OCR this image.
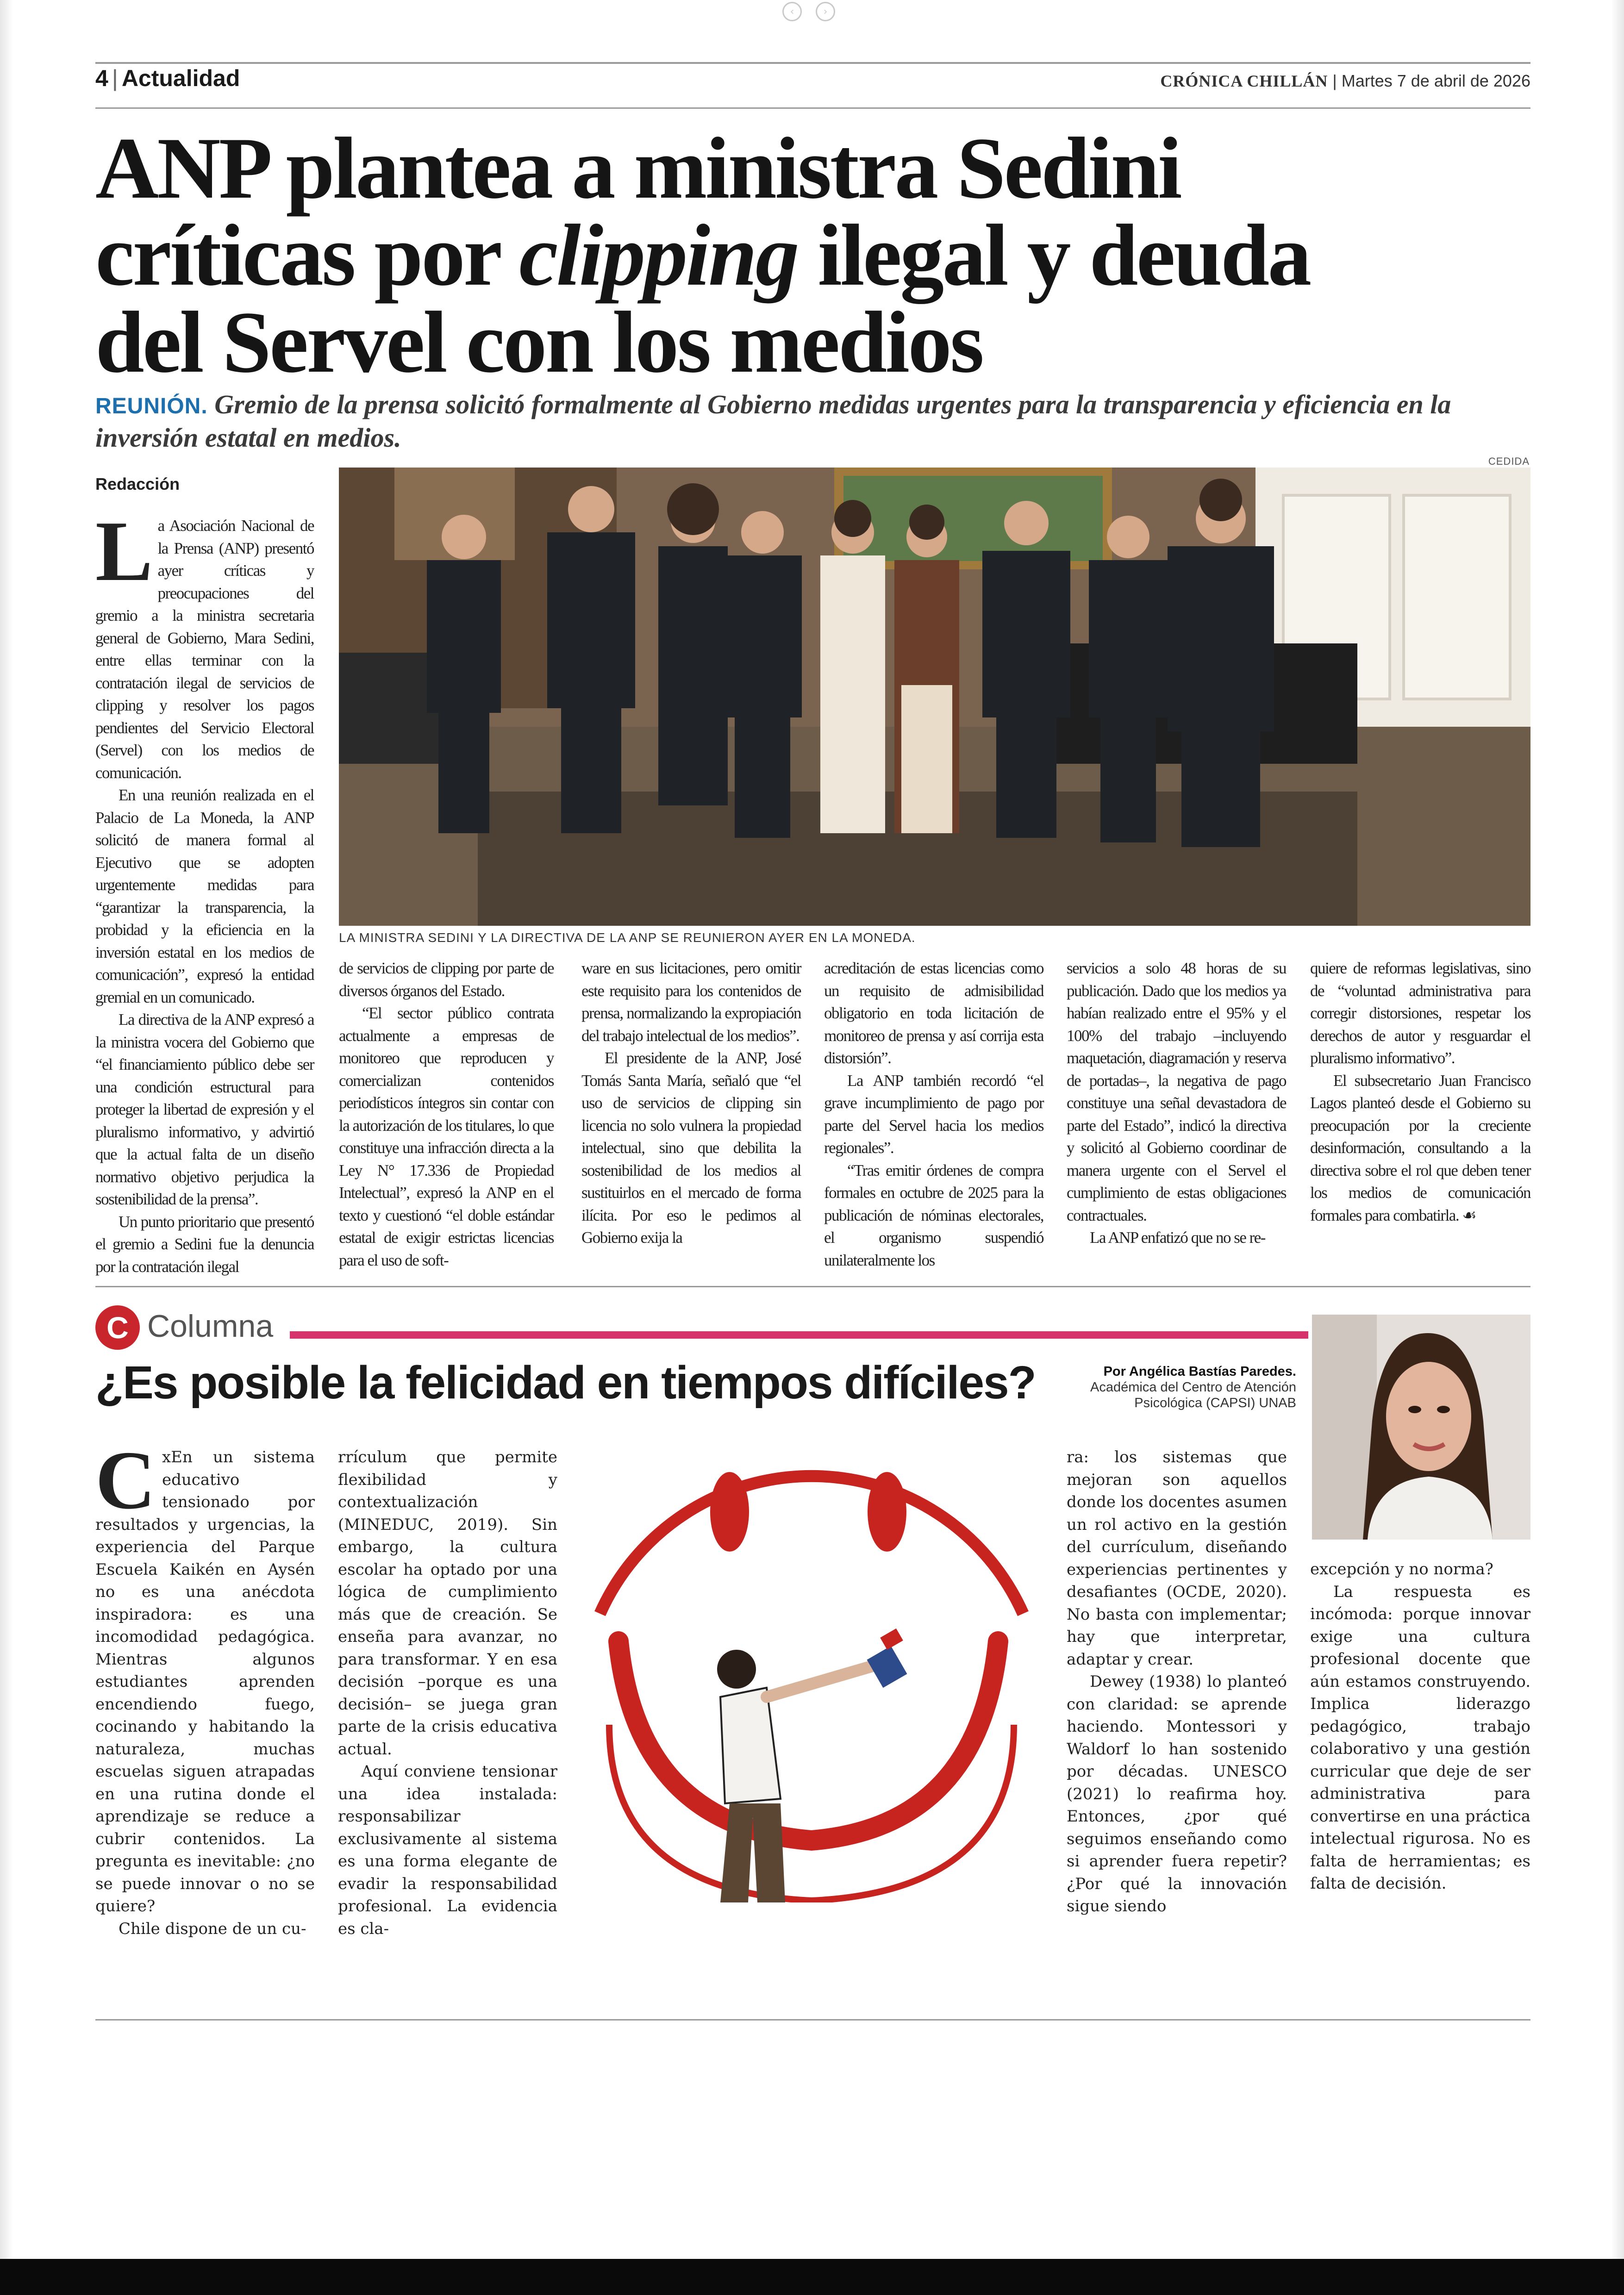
‹	›
4 | Actualidad	CRÓNICA CHILLÁN | Martes 7 de abril de 2026
ANP plantea a ministra Sedini
críticas por clipping ilegal y deuda
del Servel con los medios
REUNIÓN. Gremio de la prensa solicitó formalmente al Gobierno medidas urgentes para la transparencia y eficiencia en la inversión estatal en medios.
CEDIDA
Redacción

La Asociación Nacional de la Prensa (ANP) presentó ayer críticas y preocupaciones del gremio a la ministra secretaria general de Gobierno, Mara Sedini, entre ellas terminar con la contratación ilegal de servicios de clipping y resolver los pagos pendientes del Servicio Electoral (Servel) con los medios de comunicación.

En una reunión realizada en el Palacio de La Moneda, la ANP solicitó de manera formal al Ejecutivo que se adopten urgentemente medidas para “garantizar la transparencia, la probidad y la eficiencia en la inversión estatal en los medios de comunicación”, expresó la entidad gremial en un comunicado.

La directiva de la ANP expresó a la ministra vocera del Gobierno que “el financiamiento público debe ser una condición estructural para proteger la libertad de expresión y el pluralismo informativo, y advirtió que la actual falta de un diseño normativo objetivo perjudica la sostenibilidad de la prensa”.

Un punto prioritario que presentó el gremio a Sedini fue la denuncia por la contratación ilegal

LA MINISTRA SEDINI Y LA DIRECTIVA DE LA ANP SE REUNIERON AYER EN LA MONEDA.

de servicios de clipping por parte de diversos órganos del Estado.

“El sector público contrata actualmente a empresas de monitoreo que reproducen y comercializan contenidos periodísticos íntegros sin contar con la autorización de los titulares, lo que constituye una infracción directa a la Ley N° 17.336 de Propiedad Intelectual”, expresó la ANP en el texto y cuestionó “el doble estándar estatal de exigir estrictas licencias para el uso de soft-

ware en sus licitaciones, pero omitir este requisito para los contenidos de prensa, normalizando la expropiación del trabajo intelectual de los medios”.

El presidente de la ANP, José Tomás Santa María, señaló que “el uso de servicios de clipping sin licencia no solo vulnera la propiedad intelectual, sino que debilita la sostenibilidad de los medios al sustituirlos en el mercado de forma ilícita. Por eso le pedimos al Gobierno exija la

acreditación de estas licencias como un requisito de admisibilidad obligatorio en toda licitación de monitoreo de prensa y así corrija esta distorsión”.

La ANP también recordó “el grave incumplimiento de pago por parte del Servel hacia los medios regionales”.

“Tras emitir órdenes de compra formales en octubre de 2025 para la publicación de nóminas electorales, el organismo suspendió unilateralmente los

servicios a solo 48 horas de su publicación. Dado que los medios ya habían realizado entre el 95% y el 100% del trabajo –incluyendo maquetación, diagramación y reserva de portadas–, la negativa de pago constituye una señal devastadora de parte del Estado”, indicó la directiva y solicitó al Gobierno coordinar de manera urgente con el Servel el cumplimiento de estas obligaciones contractuales.

La ANP enfatizó que no se re-

quiere de reformas legislativas, sino de “voluntad administrativa para corregir distorsiones, respetar los derechos de autor y resguardar el pluralismo informativo”.

El subsecretario Juan Francisco Lagos planteó desde el Gobierno su preocupación por la creciente desinformación, consultando a la directiva sobre el rol que deben tener los medios de comunicación formales para combatirla. ☙

C Columna
¿Es posible la felicidad en tiempos difíciles?	Por Angélica Bastías Paredes.
Académica del Centro de Atención Psicológica (CAPSI) UNAB

CxEn un sistema educativo tensionado por resultados y urgencias, la experiencia del Parque Escuela Kaikén en Aysén no es una anécdota inspiradora: es una incomodidad pedagógica. Mientras algunos estudiantes aprenden encendiendo fuego, cocinando y habitando la naturaleza, muchas escuelas siguen atrapadas en una rutina donde el aprendizaje se reduce a cubrir contenidos. La pregunta es inevitable: ¿no se puede innovar o no se quiere?

Chile dispone de un cu-

rrículum que permite flexibilidad y contextualización (MINEDUC, 2019). Sin embargo, la cultura escolar ha optado por una lógica de cumplimiento más que de creación. Se enseña para avanzar, no para transformar. Y en esa decisión –porque es una decisión– se juega gran parte de la crisis educativa actual.

Aquí conviene tensionar una idea instalada: responsabilizar exclusivamente al sistema es una forma elegante de evadir la responsabilidad profesional. La evidencia es cla-

ra: los sistemas que mejoran son aquellos donde los docentes asumen un rol activo en la gestión del currículum, diseñando experiencias pertinentes y desafiantes (OCDE, 2020). No basta con implementar; hay que interpretar, adaptar y crear.

Dewey (1938) lo planteó con claridad: se aprende haciendo. Montessori y Waldorf lo han sostenido por décadas. UNESCO (2021) lo reafirma hoy. Entonces, ¿por qué seguimos enseñando como si aprender fuera repetir? ¿Por qué la innovación sigue siendo

excepción y no norma?

La respuesta es incómoda: porque innovar exige una cultura profesional docente que aún estamos construyendo. Implica liderazgo pedagógico, trabajo colaborativo y una gestión curricular que deje de ser administrativa para convertirse en una práctica intelectual rigurosa. No es falta de herramientas; es falta de decisión.
